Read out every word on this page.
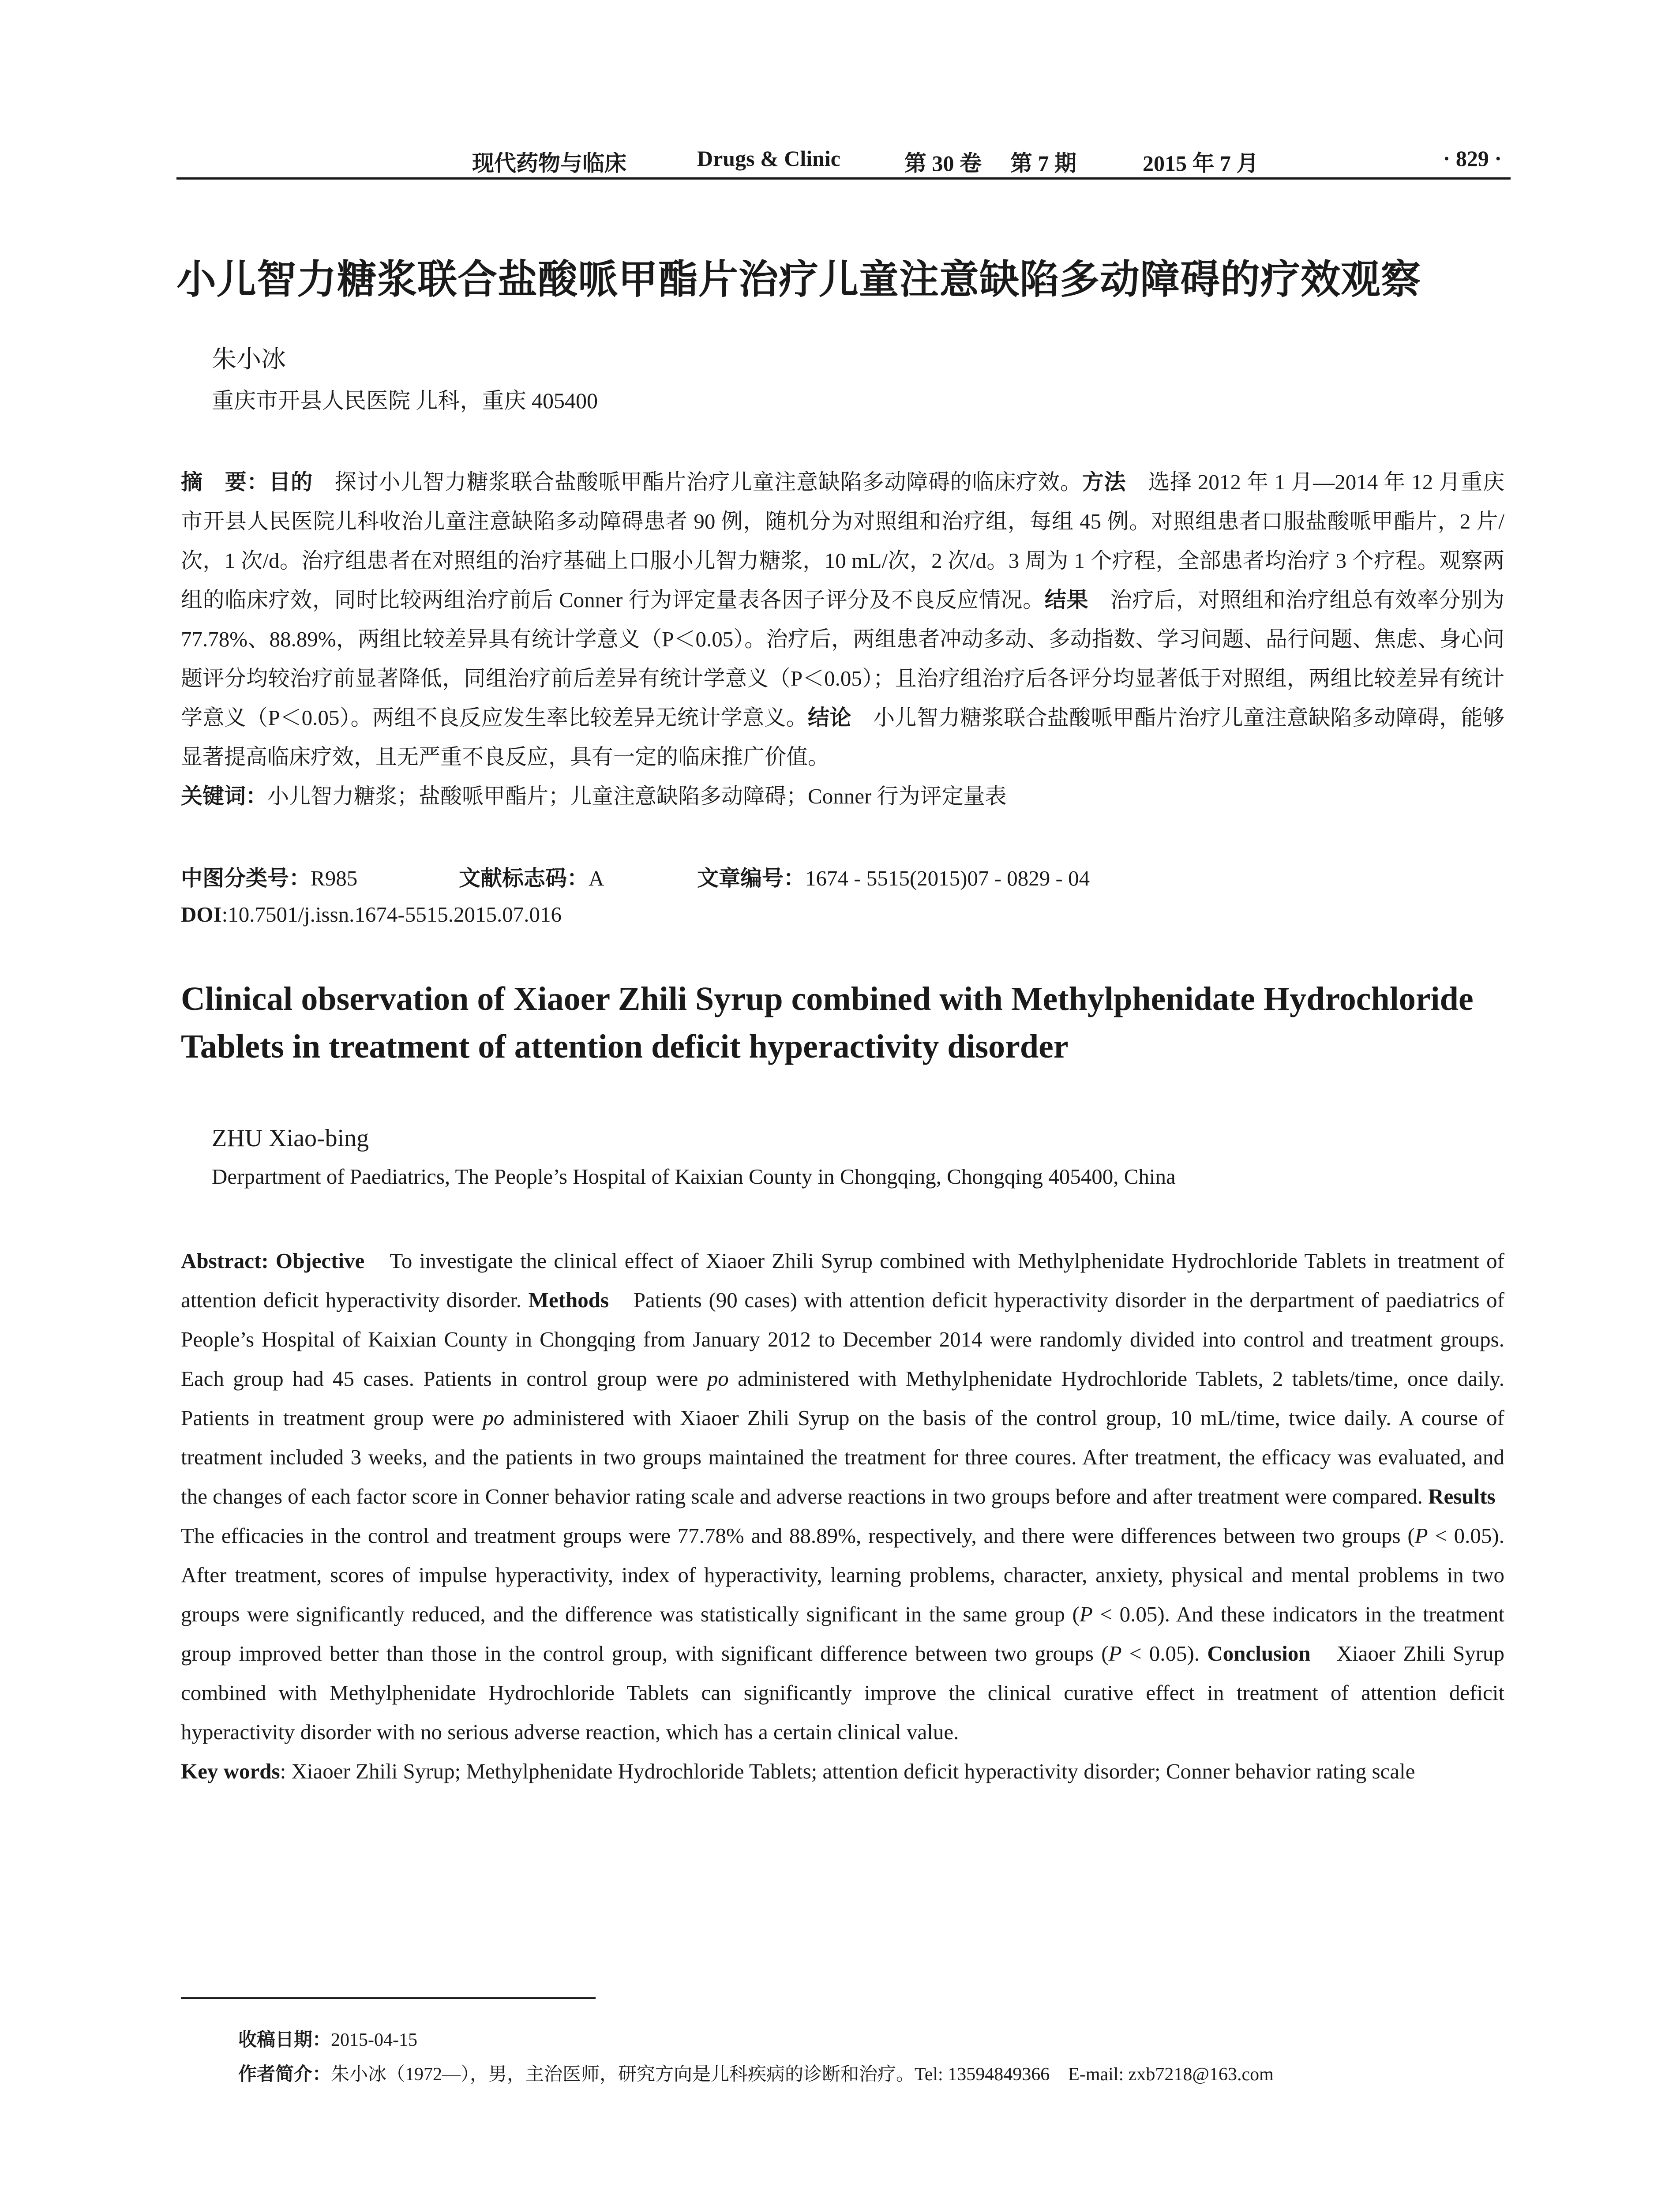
现代药物与临床	Drugs & Clinic	第 30 卷 第 7 期	2015 年 7 月	· 829 ·
小儿智力糖浆联合盐酸哌甲酯片治疗儿童注意缺陷多动障碍的疗效观察
朱小冰
重庆市开县人民医院 儿科，重庆 405400
摘　要：目的　探讨小儿智力糖浆联合盐酸哌甲酯片治疗儿童注意缺陷多动障碍的临床疗效。方法　选择 2012 年 1 月—2014 年 12 月重庆市开县人民医院儿科收治儿童注意缺陷多动障碍患者 90 例，随机分为对照组和治疗组，每组 45 例。对照组患者口服盐酸哌甲酯片，2 片/次，1 次/d。治疗组患者在对照组的治疗基础上口服小儿智力糖浆，10 mL/次，2 次/d。3 周为 1 个疗程，全部患者均治疗 3 个疗程。观察两组的临床疗效，同时比较两组治疗前后 Conner 行为评定量表各因子评分及不良反应情况。结果　治疗后，对照组和治疗组总有效率分别为 77.78%、88.89%，两组比较差异具有统计学意义（P＜0.05）。治疗后，两组患者冲动多动、多动指数、学习问题、品行问题、焦虑、身心问题评分均较治疗前显著降低，同组治疗前后差异有统计学意义（P＜0.05）；且治疗组治疗后各评分均显著低于对照组，两组比较差异有统计学意义（P＜0.05）。两组不良反应发生率比较差异无统计学意义。结论　小儿智力糖浆联合盐酸哌甲酯片治疗儿童注意缺陷多动障碍，能够显著提高临床疗效，且无严重不良反应，具有一定的临床推广价值。
关键词：小儿智力糖浆；盐酸哌甲酯片；儿童注意缺陷多动障碍；Conner 行为评定量表
中图分类号：R985	文献标志码：A	文章编号：1674 - 5515(2015)07 - 0829 - 04
DOI:10.7501/j.issn.1674-5515.2015.07.016
Clinical observation of Xiaoer Zhili Syrup combined with Methylphenidate Hydrochloride Tablets in treatment of attention deficit hyperactivity disorder
ZHU Xiao-bing
Derpartment of Paediatrics, The People’s Hospital of Kaixian County in Chongqing, Chongqing 405400, China
Abstract: Objective　To investigate the clinical effect of Xiaoer Zhili Syrup combined with Methylphenidate Hydrochloride Tablets in treatment of attention deficit hyperactivity disorder. Methods　Patients (90 cases) with attention deficit hyperactivity disorder in the derpartment of paediatrics of People’s Hospital of Kaixian County in Chongqing from January 2012 to December 2014 were randomly divided into control and treatment groups. Each group had 45 cases. Patients in control group were po administered with Methylphenidate Hydrochloride Tablets, 2 tablets/time, once daily. Patients in treatment group were po administered with Xiaoer Zhili Syrup on the basis of the control group, 10 mL/time, twice daily. A course of treatment included 3 weeks, and the patients in two groups maintained the treatment for three coures. After treatment, the efficacy was evaluated, and the changes of each factor score in Conner behavior rating scale and adverse reactions in two groups before and after treatment were compared. Results　The efficacies in the control and treatment groups were 77.78% and 88.89%, respectively, and there were differences between two groups (P < 0.05). After treatment, scores of impulse hyperactivity, index of hyperactivity, learning problems, character, anxiety, physical and mental problems in two groups were significantly reduced, and the difference was statistically significant in the same group (P < 0.05). And these indicators in the treatment group improved better than those in the control group, with significant difference between two groups (P < 0.05). Conclusion　Xiaoer Zhili Syrup combined with Methylphenidate Hydrochloride Tablets can significantly improve the clinical curative effect in treatment of attention deficit hyperactivity disorder with no serious adverse reaction, which has a certain clinical value.
Key words: Xiaoer Zhili Syrup; Methylphenidate Hydrochloride Tablets; attention deficit hyperactivity disorder; Conner behavior rating scale
收稿日期：2015-04-15
作者简介：朱小冰（1972—），男，主治医师，研究方向是儿科疾病的诊断和治疗。Tel: 13594849366　E-mail: zxb7218@163.com
